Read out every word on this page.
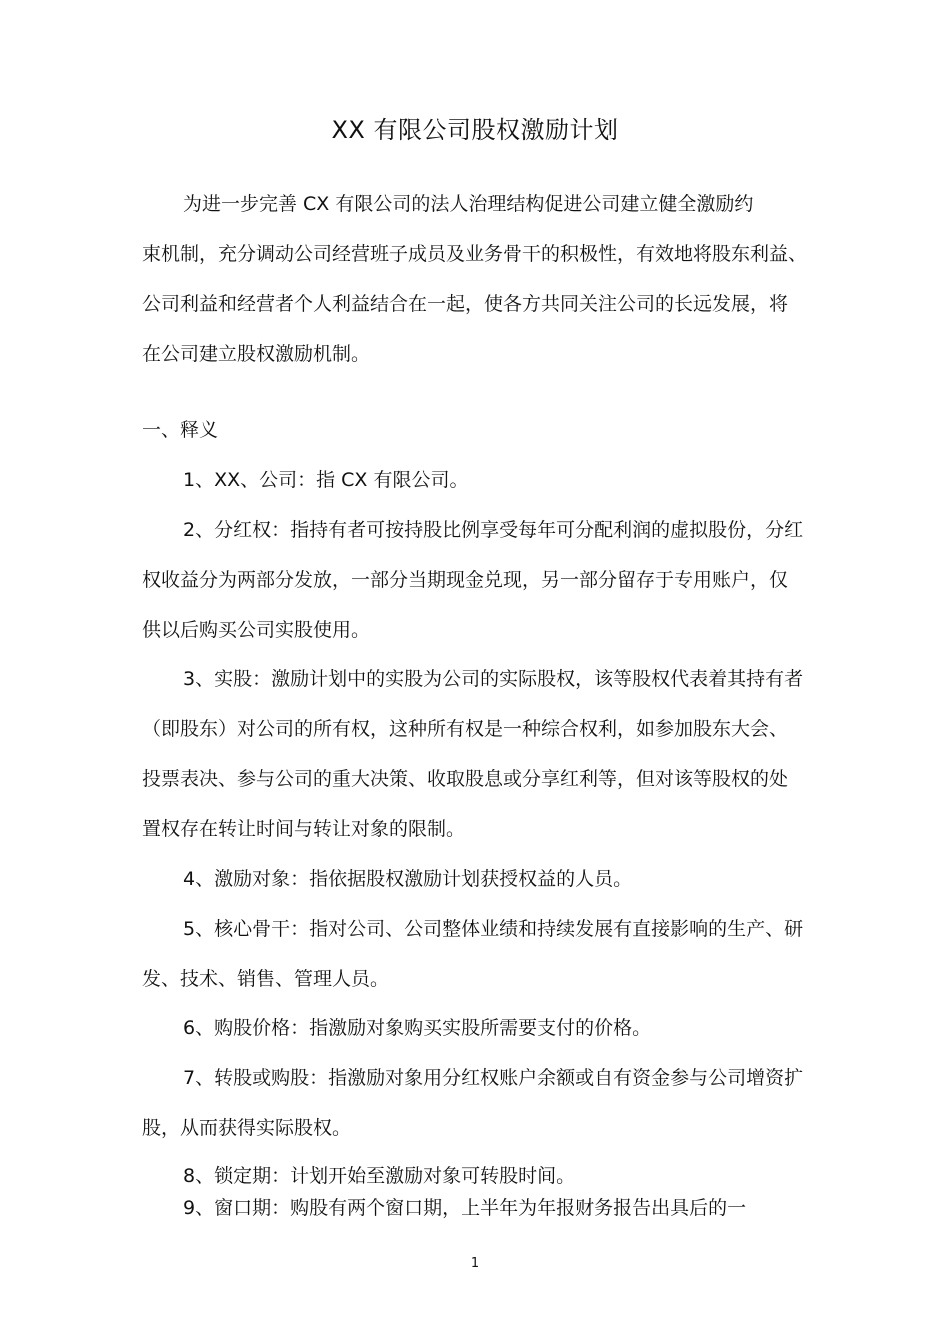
XX 有限公司股权激励计划
为进一步完善 CX 有限公司的法人治理结构促进公司建立健全激励约
束机制，充分调动公司经营班子成员及业务骨干的积极性，有效地将股东利益、
公司利益和经营者个人利益结合在一起，使各方共同关注公司的长远发展，将
在公司建立股权激励机制。
一、释义
1、XX、公司：指 CX 有限公司。
2、分红权：指持有者可按持股比例享受每年可分配利润的虚拟股份，分红
权收益分为两部分发放，一部分当期现金兑现，另一部分留存于专用账户，仅
供以后购买公司实股使用。
3、实股：激励计划中的实股为公司的实际股权，该等股权代表着其持有者
（即股东）对公司的所有权，这种所有权是一种综合权利，如参加股东大会、
投票表决、参与公司的重大决策、收取股息或分享红利等，但对该等股权的处
置权存在转让时间与转让对象的限制。
4、激励对象：指依据股权激励计划获授权益的人员。
5、核心骨干：指对公司、公司整体业绩和持续发展有直接影响的生产、研
发、技术、销售、管理人员。
6、购股价格：指激励对象购买实股所需要支付的价格。
7、转股或购股：指激励对象用分红权账户余额或自有资金参与公司增资扩
股，从而获得实际股权。
8、锁定期：计划开始至激励对象可转股时间。
9、窗口期：购股有两个窗口期，上半年为年报财务报告出具后的一
1
